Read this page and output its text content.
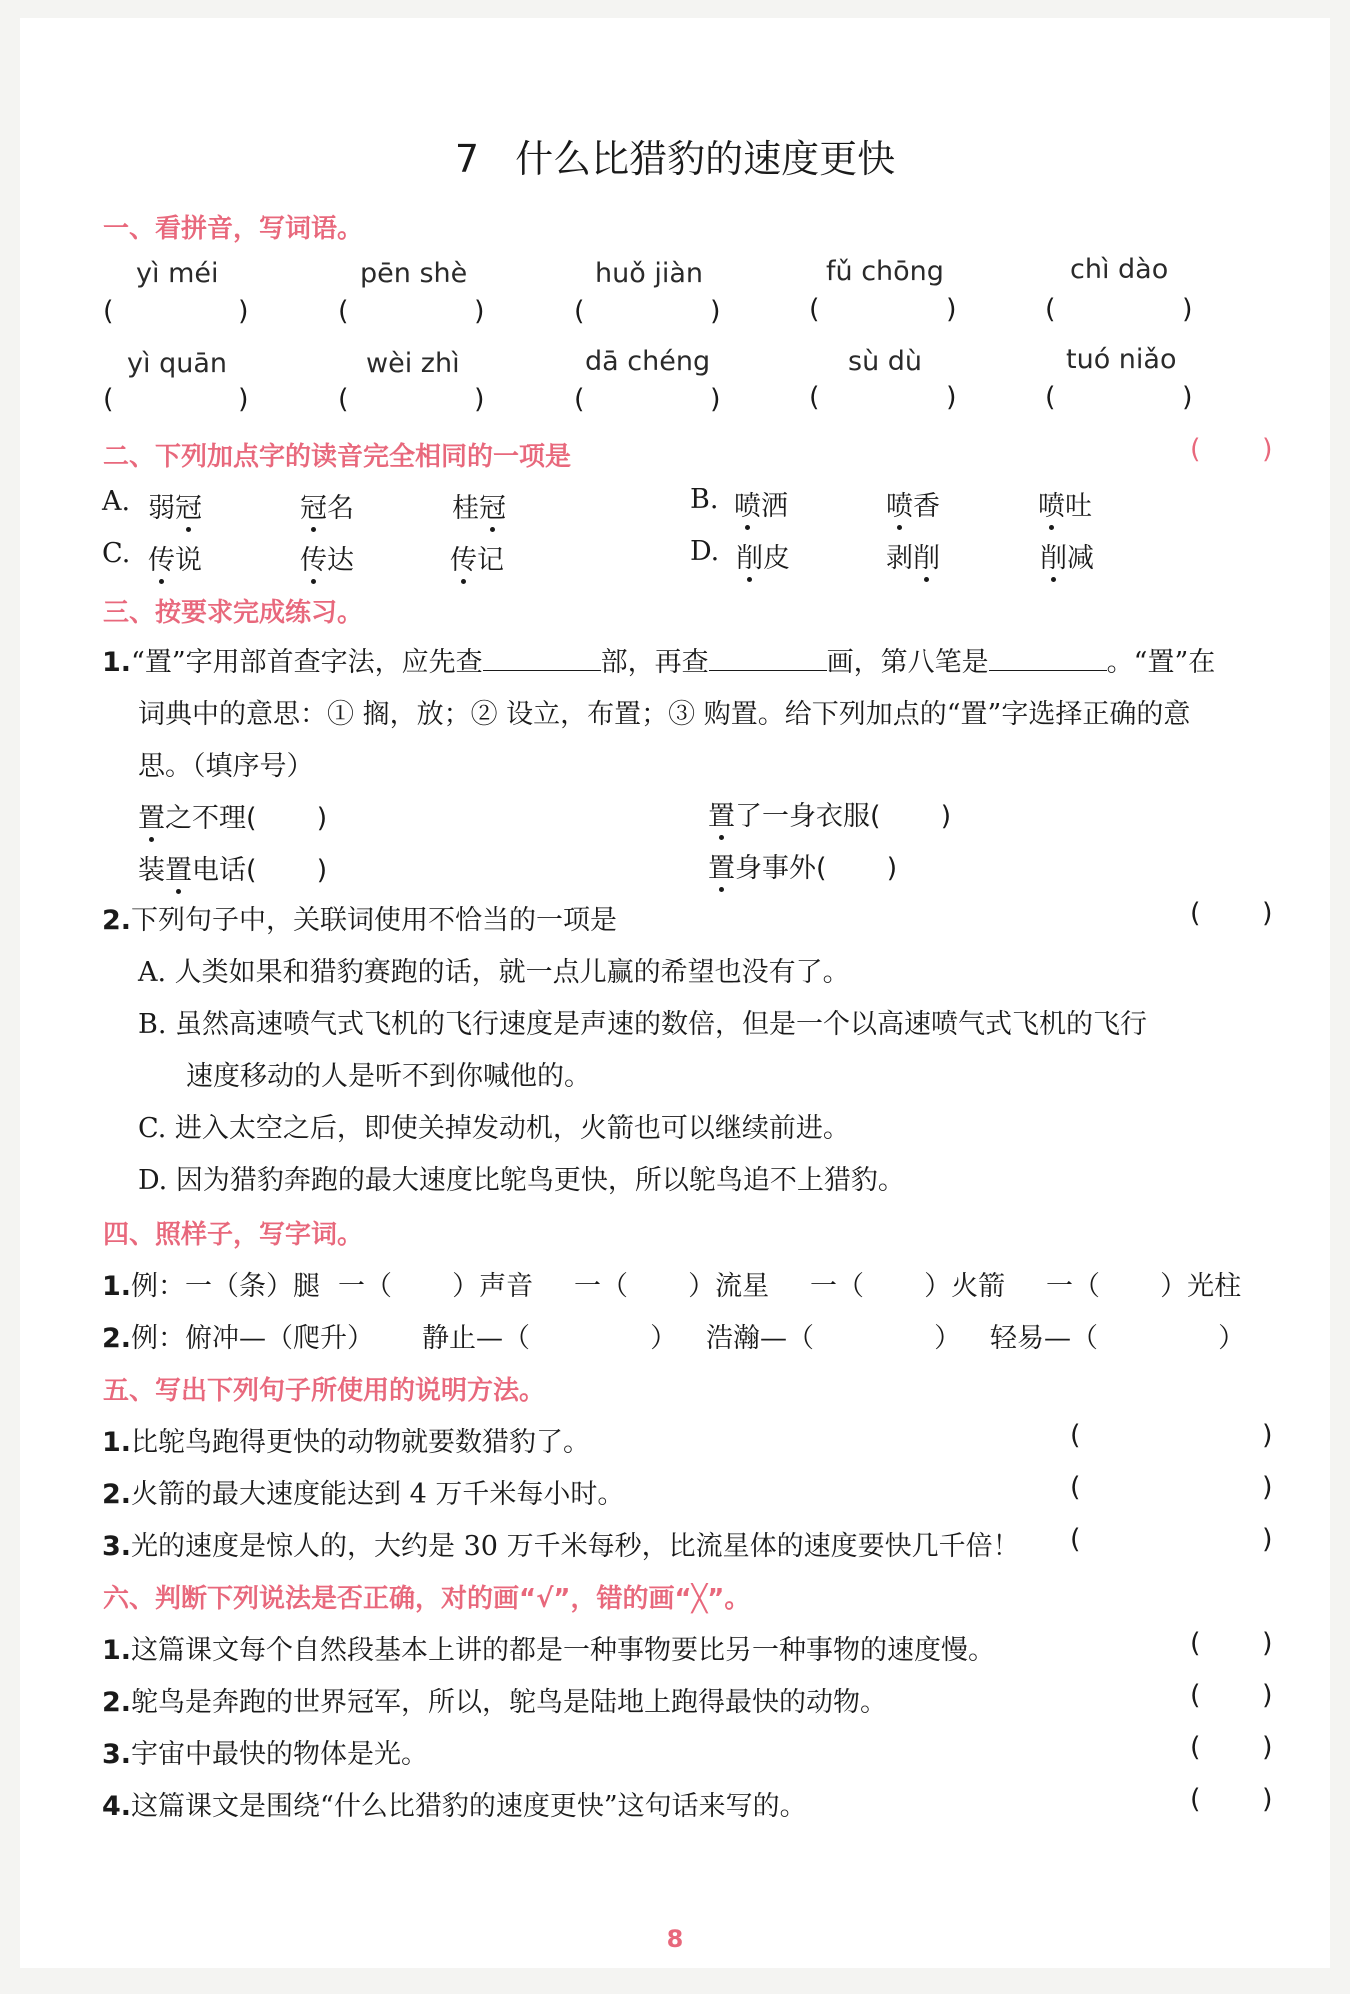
7 什么比猎豹的速度更快
一、看拼音，写词语。
yì méi	pēn shè	huǒ jiàn	fǔ chōng	chì dào
(	)	(	)	(	)	(	)	(	)
yì quān	wèi zhì	dā chéng	sù dù	tuó niǎo
(	)	(	)	(	)	(	)	(	)
二、下列加点字的读音完全相同的一项是	( )
A. 弱冠	冠名	桂冠	B. 喷洒	喷香	喷吐
C. 传说	传达	传记	D. 削皮	剥削	削减
三、按要求完成练习。
1.“置”字用部首查字法，应先查	部，再查	画，第八笔是	。“置”在
词典中的意思：① 搁，放；② 设立，布置；③ 购置。给下列加点的“置”字选择正确的意
思。（填序号）
置之不理(       )	置了一身衣服(       )
装置电话(       )	置身事外(       )
2.下列句子中，关联词使用不恰当的一项是	( )
A. 人类如果和猎豹赛跑的话，就一点儿赢的希望也没有了。
B. 虽然高速喷气式飞机的飞行速度是声速的数倍，但是一个以高速喷气式飞机的飞行
速度移动的人是听不到你喊他的。
C. 进入太空之后，即使关掉发动机，火箭也可以继续前进。
D. 因为猎豹奔跑的最大速度比鸵鸟更快，所以鸵鸟追不上猎豹。
四、照样子，写字词。
1.例：一（条）腿 一（       ）声音 一（       ）流星 一（       ）火箭 一（       ）光柱
2.例：俯冲—（爬升） 静止—（              ） 浩瀚—（              ） 轻易—（              ）
五、写出下列句子所使用的说明方法。
1.比鸵鸟跑得更快的动物就要数猎豹了。	(	)
2.火箭的最大速度能达到 4 万千米每小时。	(	)
3.光的速度是惊人的，大约是 30 万千米每秒，比流星体的速度要快几千倍！ (	)
六、判断下列说法是否正确，对的画“√”，错的画“╳”。
1.这篇课文每个自然段基本上讲的都是一种事物要比另一种事物的速度慢。	( )
2.鸵鸟是奔跑的世界冠军，所以，鸵鸟是陆地上跑得最快的动物。	( )
3.宇宙中最快的物体是光。	( )
4.这篇课文是围绕“什么比猎豹的速度更快”这句话来写的。	( )
8
